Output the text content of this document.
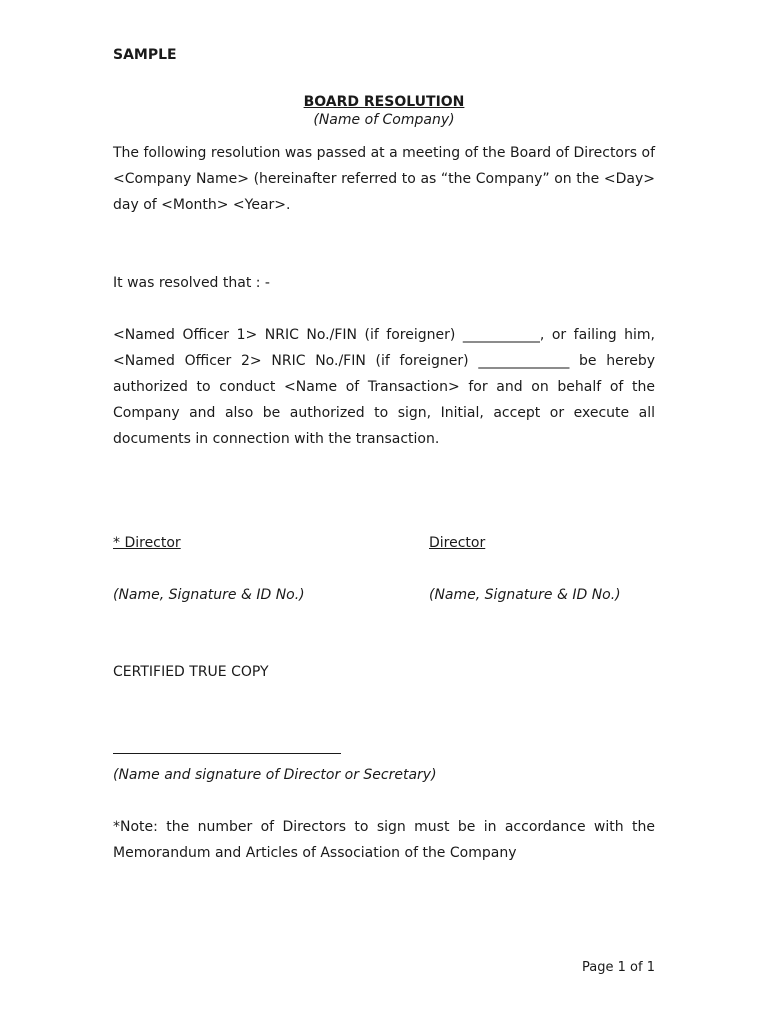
SAMPLE
BOARD RESOLUTION
(Name of Company)

The following resolution was passed at a meeting of the Board of Directors of <Company Name> (hereinafter referred to as “the Company” on the <Day> day of <Month> <Year>.

It was resolved that : -

<Named Officer 1> NRIC No./FIN (if foreigner) ___________, or failing him, <Named Officer 2> NRIC No./FIN (if foreigner) _____________ be hereby authorized to conduct <Name of Transaction> for and on behalf of the Company and also be authorized to sign, Initial, accept or execute all documents in connection with the transaction.

* Director
(Name, Signature & ID No.)
Director
(Name, Signature & ID No.)
CERTIFIED TRUE COPY
(Name and signature of Director or Secretary)

*Note: the number of Directors to sign must be in accordance with the Memorandum and Articles of Association of the Company

Page 1 of 1
